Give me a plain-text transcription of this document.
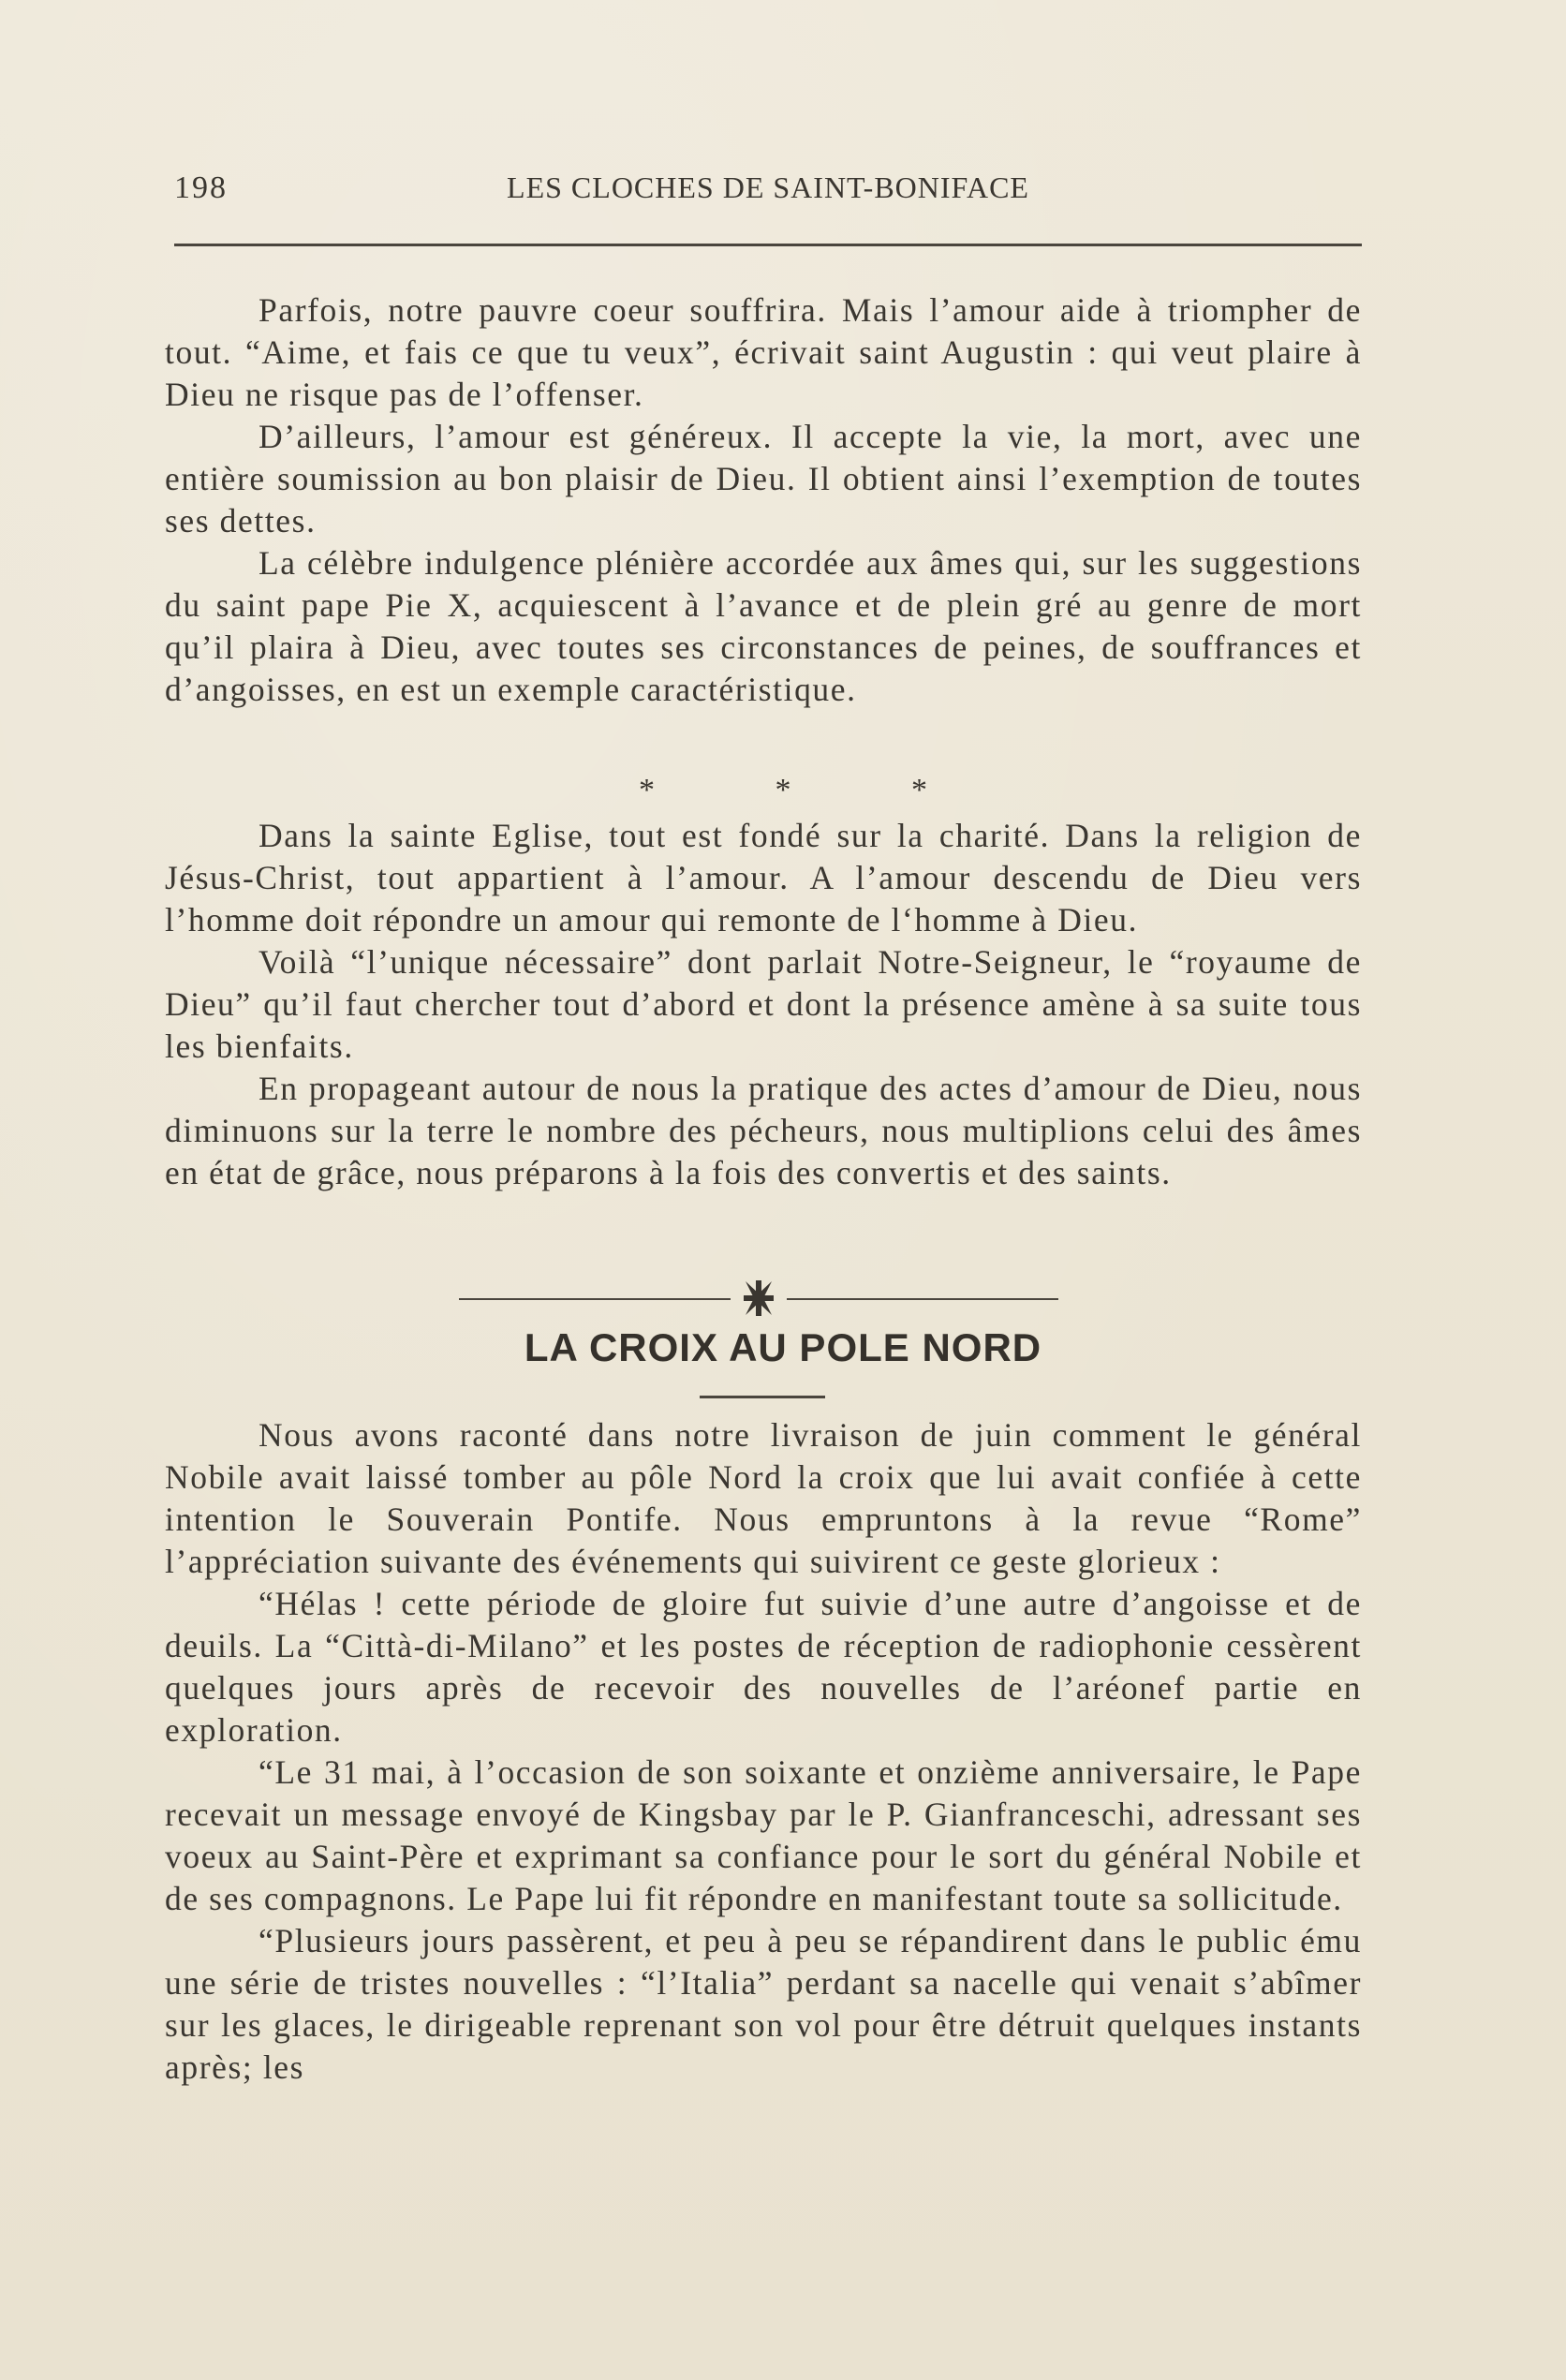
198	LES CLOCHES DE SAINT-BONIFACE

Parfois, notre pauvre coeur souffrira. Mais l’amour aide à triompher de tout. “Aime, et fais ce que tu veux”, écrivait saint Augustin : qui veut plaire à Dieu ne risque pas de l’offenser.

D’ailleurs, l’amour est généreux. Il accepte la vie, la mort, avec une entière soumission au bon plaisir de Dieu. Il obtient ainsi l’exemption de toutes ses dettes.

La célèbre indulgence plénière accordée aux âmes qui, sur les suggestions du saint pape Pie X, acquiescent à l’avance et de plein gré au genre de mort qu’il plaira à Dieu, avec toutes ses circonstances de peines, de souffrances et d’angoisses, en est un exemple caractéristique.

* * *

Dans la sainte Eglise, tout est fondé sur la charité. Dans la religion de Jésus-Christ, tout appartient à l’amour. A l’amour descendu de Dieu vers l’homme doit répondre un amour qui remonte de l‘homme à Dieu.

Voilà “l’unique nécessaire” dont parlait Notre-Seigneur, le “royaume de Dieu” qu’il faut chercher tout d’abord et dont la présence amène à sa suite tous les bienfaits.

En propageant autour de nous la pratique des actes d’amour de Dieu, nous diminuons sur la terre le nombre des pécheurs, nous multiplions celui des âmes en état de grâce, nous préparons à la fois des convertis et des saints.

LA CROIX AU POLE NORD

Nous avons raconté dans notre livraison de juin comment le général Nobile avait laissé tomber au pôle Nord la croix que lui avait confiée à cette intention le Souverain Pontife. Nous empruntons à la revue “Rome” l’appréciation suivante des événements qui suivirent ce geste glorieux :

“Hélas ! cette période de gloire fut suivie d’une autre d’angoisse et de deuils. La “Città-di-Milano” et les postes de réception de radiophonie cessèrent quelques jours après de recevoir des nouvelles de l’aréonef partie en exploration.

“Le 31 mai, à l’occasion de son soixante et onzième anniversaire, le Pape recevait un message envoyé de Kingsbay par le P. Gianfranceschi, adressant ses voeux au Saint-Père et exprimant sa confiance pour le sort du général Nobile et de ses compagnons. Le Pape lui fit répondre en manifestant toute sa sollicitude.

“Plusieurs jours passèrent, et peu à peu se répandirent dans le public ému une série de tristes nouvelles : “l’Italia” perdant sa nacelle qui venait s’abîmer sur les glaces, le dirigeable reprenant son vol pour être détruit quelques instants après; les
